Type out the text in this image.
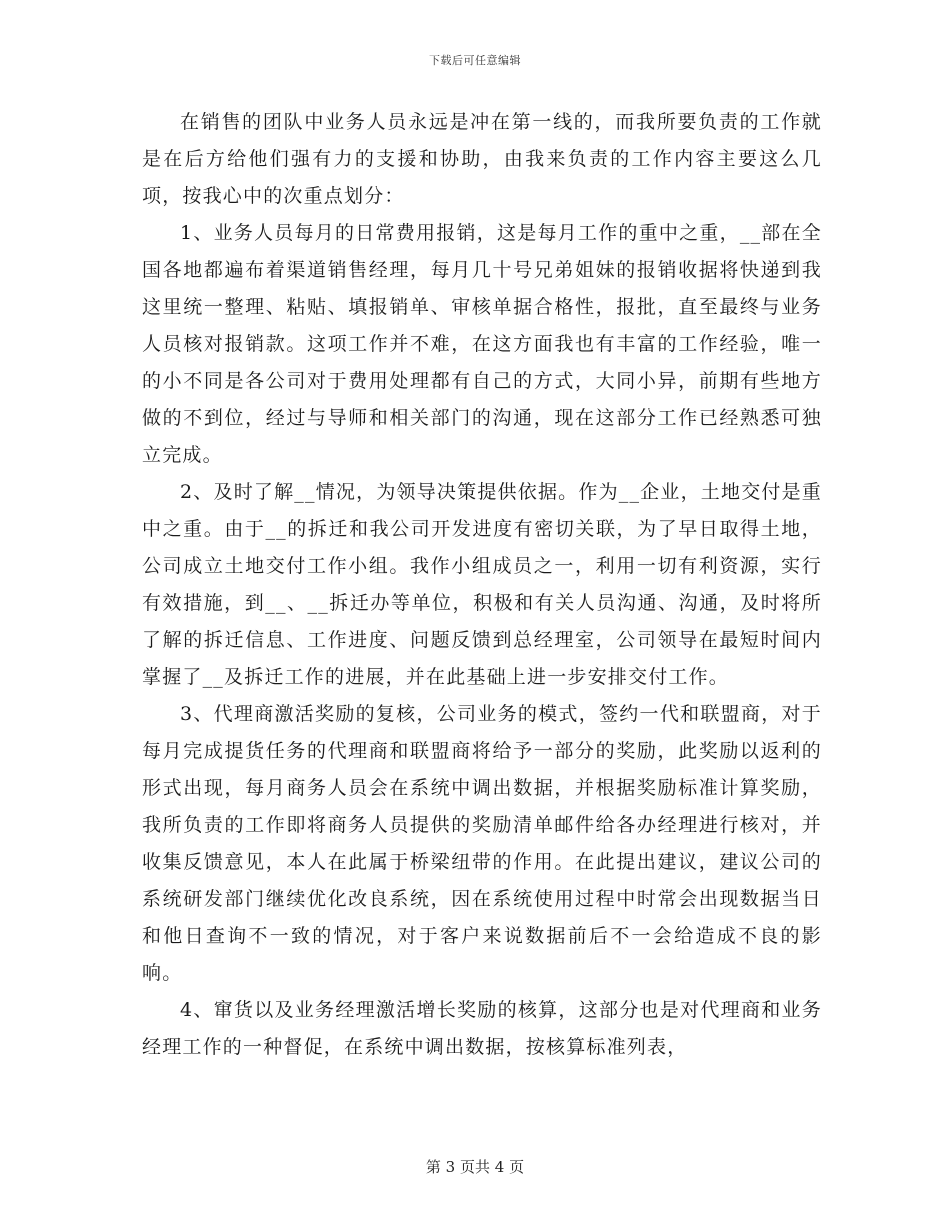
下载后可任意编辑

在销售的团队中业务人员永远是冲在第一线的，而我所要负责的工作就是在后方给他们强有力的支援和协助，由我来负责的工作内容主要这么几项，按我心中的次重点划分：

1、业务人员每月的日常费用报销，这是每月工作的重中之重，__部在全国各地都遍布着渠道销售经理，每月几十号兄弟姐妹的报销收据将快递到我这里统一整理、粘贴、填报销单、审核单据合格性，报批，直至最终与业务人员核对报销款。这项工作并不难，在这方面我也有丰富的工作经验，唯一的小不同是各公司对于费用处理都有自己的方式，大同小异，前期有些地方做的不到位，经过与导师和相关部门的沟通，现在这部分工作已经熟悉可独立完成。

2、及时了解__情况，为领导决策提供依据。作为__企业，土地交付是重中之重。由于__的拆迁和我公司开发进度有密切关联，为了早日取得土地，公司成立土地交付工作小组。我作小组成员之一，利用一切有利资源，实行有效措施，到__、__拆迁办等单位，积极和有关人员沟通、沟通，及时将所了解的拆迁信息、工作进度、问题反馈到总经理室，公司领导在最短时间内掌握了__及拆迁工作的进展，并在此基础上进一步安排交付工作。

3、代理商激活奖励的复核，公司业务的模式，签约一代和联盟商，对于每月完成提货任务的代理商和联盟商将给予一部分的奖励，此奖励以返利的形式出现，每月商务人员会在系统中调出数据，并根据奖励标准计算奖励，我所负责的工作即将商务人员提供的奖励清单邮件给各办经理进行核对，并收集反馈意见，本人在此属于桥梁纽带的作用。在此提出建议，建议公司的系统研发部门继续优化改良系统，因在系统使用过程中时常会出现数据当日和他日查询不一致的情况，对于客户来说数据前后不一会给造成不良的影响。

4、窜货以及业务经理激活增长奖励的核算，这部分也是对代理商和业务经理工作的一种督促，在系统中调出数据，按核算标准列表，

第 3 页共 4 页
